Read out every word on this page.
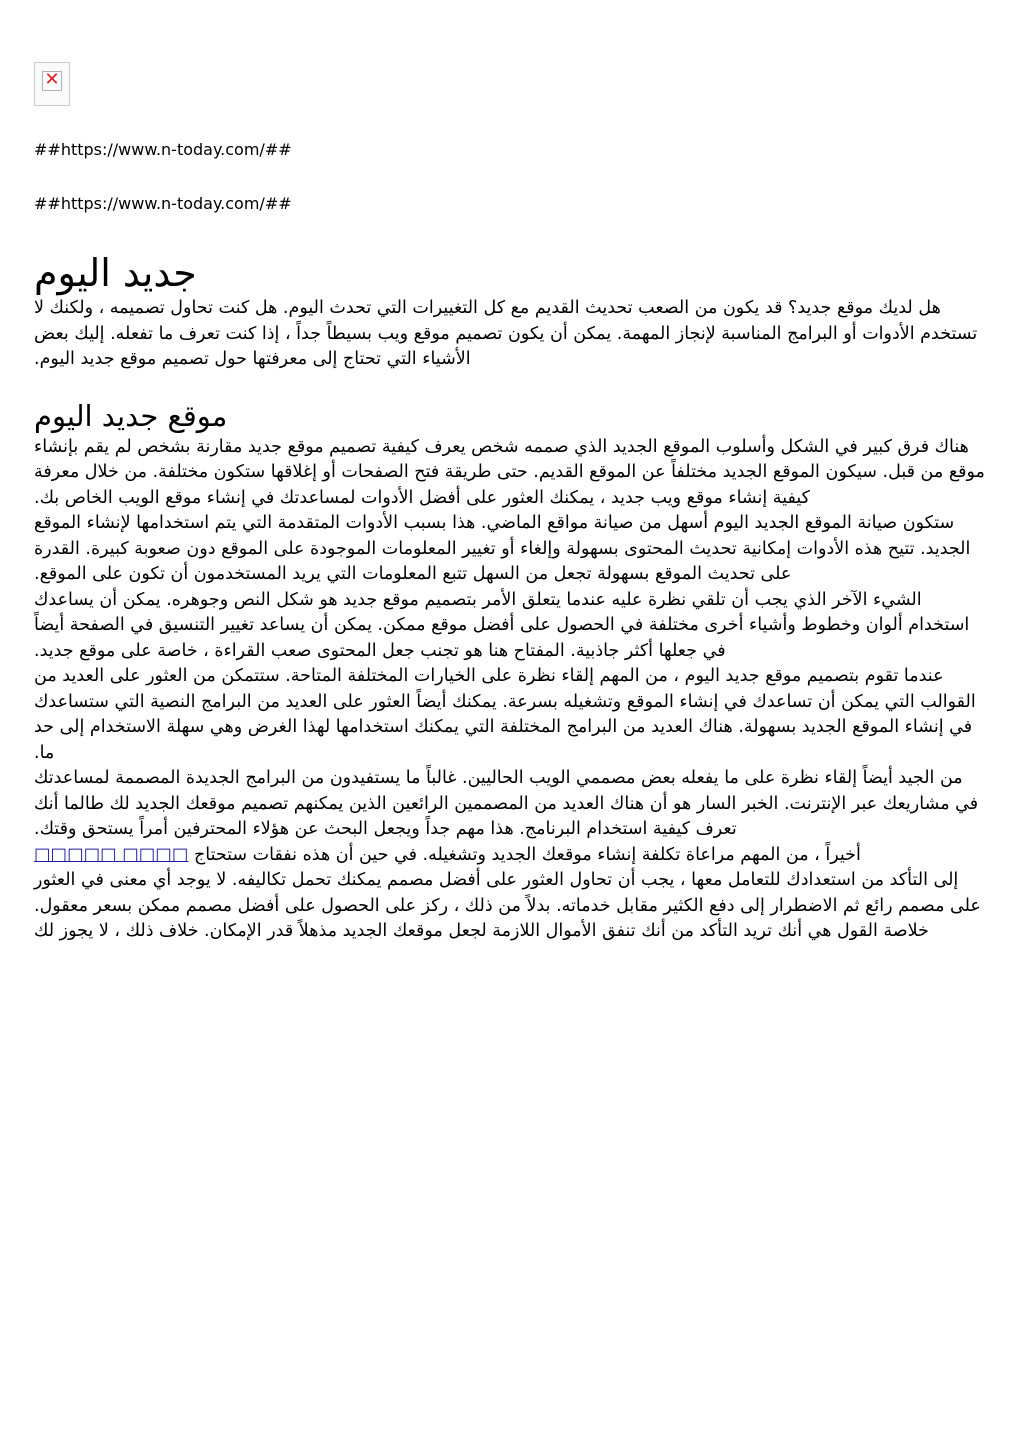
✕

##https://www.n-today.com/##

##https://www.n-today.com/##

جديد اليوم

هل لديك موقع جديد؟ قد يكون من الصعب تحديث القديم مع كل التغييرات التي تحدث اليوم. هل كنت تحاول تصميمه ، ولكنك لا تستخدم الأدوات أو البرامج المناسبة لإنجاز المهمة. يمكن أن يكون تصميم موقع ويب بسيطاً جداً ، إذا كنت تعرف ما تفعله. إليك بعض الأشياء التي تحتاج إلى معرفتها حول تصميم موقع جديد اليوم.

موقع جديد اليوم

هناك فرق كبير في الشكل وأسلوب الموقع الجديد الذي صممه شخص يعرف كيفية تصميم موقع جديد مقارنة بشخص لم يقم بإنشاء موقع من قبل. سيكون الموقع الجديد مختلفاً عن الموقع القديم. حتى طريقة فتح الصفحات أو إغلاقها ستكون مختلفة. من خلال معرفة كيفية إنشاء موقع ويب جديد ، يمكنك العثور على أفضل الأدوات لمساعدتك في إنشاء موقع الويب الخاص بك.

ستكون صيانة الموقع الجديد اليوم أسهل من صيانة مواقع الماضي. هذا بسبب الأدوات المتقدمة التي يتم استخدامها لإنشاء الموقع الجديد. تتيح هذه الأدوات إمكانية تحديث المحتوى بسهولة وإلغاء أو تغيير المعلومات الموجودة على الموقع دون صعوبة كبيرة. القدرة على تحديث الموقع بسهولة تجعل من السهل تتبع المعلومات التي يريد المستخدمون أن تكون على الموقع.

الشيء الآخر الذي يجب أن تلقي نظرة عليه عندما يتعلق الأمر بتصميم موقع جديد هو شكل النص وجوهره. يمكن أن يساعدك استخدام ألوان وخطوط وأشياء أخرى مختلفة في الحصول على أفضل موقع ممكن. يمكن أن يساعد تغيير التنسيق في الصفحة أيضاً في جعلها أكثر جاذبية. المفتاح هنا هو تجنب جعل المحتوى صعب القراءة ، خاصة على موقع جديد.

عندما تقوم بتصميم موقع جديد اليوم ، من المهم إلقاء نظرة على الخيارات المختلفة المتاحة. ستتمكن من العثور على العديد من القوالب التي يمكن أن تساعدك في إنشاء الموقع وتشغيله بسرعة. يمكنك أيضاً العثور على العديد من البرامج النصية التي ستساعدك في إنشاء الموقع الجديد بسهولة. هناك العديد من البرامج المختلفة التي يمكنك استخدامها لهذا الغرض وهي سهلة الاستخدام إلى حد ما.

من الجيد أيضاً إلقاء نظرة على ما يفعله بعض مصممي الويب الحاليين. غالباً ما يستفيدون من البرامج الجديدة المصممة لمساعدتك في مشاريعك عبر الإنترنت. الخبر السار هو أن هناك العديد من المصممين الرائعين الذين يمكنهم تصميم موقعك الجديد لك طالما أنك تعرف كيفية استخدام البرنامج. هذا مهم جداً ويجعل البحث عن هؤلاء المحترفين أمراً يستحق وقتك.

أخيراً ، من المهم مراعاة تكلفة إنشاء موقعك الجديد وتشغيله. في حين أن هذه نفقات ستحتاج □□□□ □□□□□

إلى التأكد من استعدادك للتعامل معها ، يجب أن تحاول العثور على أفضل مصمم يمكنك تحمل تكاليفه. لا يوجد أي معنى في العثور على مصمم رائع ثم الاضطرار إلى دفع الكثير مقابل خدماته. بدلاً من ذلك ، ركز على الحصول على أفضل مصمم ممكن بسعر معقول. خلاصة القول هي أنك تريد التأكد من أنك تنفق الأموال اللازمة لجعل موقعك الجديد مذهلاً قدر الإمكان. خلاف ذلك ، لا يجوز لك
